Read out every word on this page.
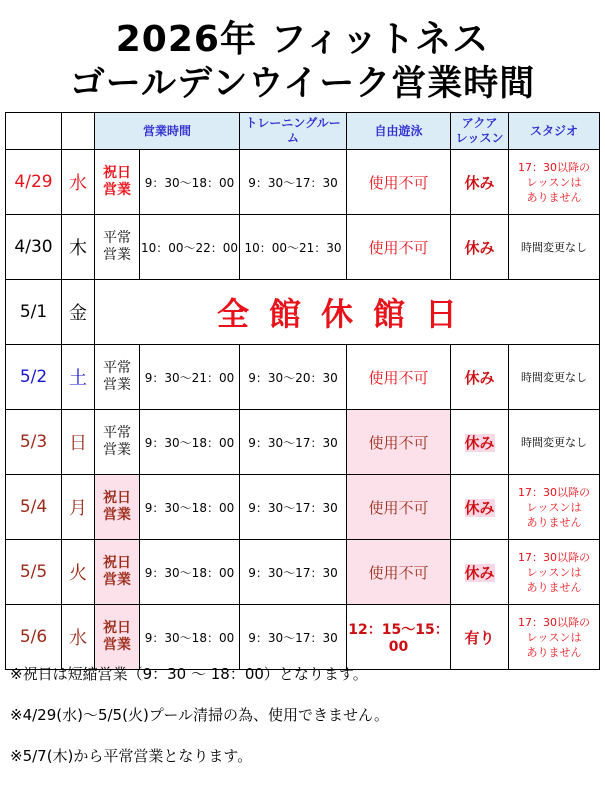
2026年 フィットネス
ゴールデンウイーク営業時間
		営業時間		トレーニングルーム	自由遊泳	アクア
レッスン	スタジオ
4/29	水	祝日
営業	9：30～18：00	9：30～17：30	使用不可	休み	17：30以降の
レッスンは
ありません
4/30	木	平常
営業	10：00～22：00	10：00～21：30	使用不可	休み	時間変更なし
5/1	金	全館休館日					
5/2	土	平常
営業	9：30～21：00	9：30～20：30	使用不可	休み	時間変更なし
5/3	日	平常
営業	9：30～18：00	9：30～17：30	使用不可	休み	時間変更なし
5/4	月	祝日
営業	9：30～18：00	9：30～17：30	使用不可	休み	17：30以降の
レッスンは
ありません
5/5	火	祝日
営業	9：30～18：00	9：30～17：30	使用不可	休み	17：30以降の
レッスンは
ありません
5/6	水	祝日
営業	9：30～18：00	9：30～17：30	12：15～15：00	有り	17：30以降の
レッスンは
ありません
※祝日は短縮営業（9：30 ～ 18：00）となります。
※4/29(水)～5/5(火)プール清掃の為、使用できません。
※5/7(木)から平常営業となります。
